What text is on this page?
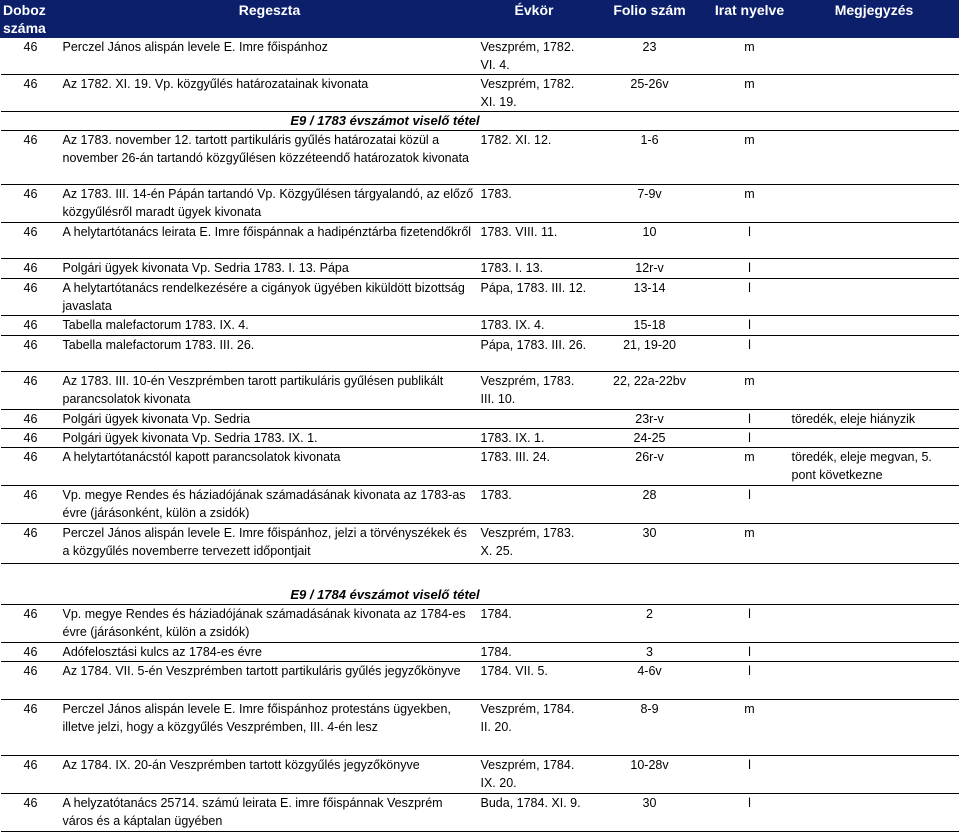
Doboz száma	Regeszta	Évkör	Folio szám	Irat nyelve	Megjegyzés
46	Perczel János alispán levele E. Imre főispánhoz	Veszprém, 1782. VI. 4.	23	m	
46	Az 1782. XI. 19. Vp. közgyűlés határozatainak kivonata	Veszprém, 1782. XI. 19.	25-26v	m	
	E9 / 1783 évszámot viselő tétel				
46	Az 1783. november 12. tartott partikuláris gyűlés határozatai közül a november 26-án tartandó közgyűlésen közzéteendő határozatok kivonata	1782. XI. 12.	1-6	m	
46	Az 1783. III. 14-én Pápán tartandó Vp. Közgyűlésen tárgyalandó, az előző közgyűlésről maradt ügyek kivonata	1783.	7-9v	m	
46	A helytartótanács leirata E. Imre főispánnak a hadipénztárba fizetendőkről	1783. VIII. 11.	10	l	
46	Polgári ügyek kivonata Vp. Sedria 1783. I. 13. Pápa	1783. I. 13.	12r-v	l	
46	A helytartótanács rendelkezésére a cigányok ügyében kiküldött bizottság javaslata	Pápa, 1783. III. 12.	13-14	l	
46	Tabella malefactorum 1783. IX. 4.	1783. IX. 4.	15-18	l	
46	Tabella malefactorum 1783. III. 26.	Pápa, 1783. III. 26.	21, 19-20	l	
46	Az 1783. III. 10-én Veszprémben tarott partikuláris gyűlésen publikált parancsolatok kivonata	Veszprém, 1783. III. 10.	22, 22a-22bv	m	
46	Polgári ügyek kivonata Vp. Sedria		23r-v	l	töredék, eleje hiányzik
46	Polgári ügyek kivonata Vp. Sedria 1783. IX. 1.	1783. IX. 1.	24-25	l	
46	A helytartótanácstól kapott parancsolatok kivonata	1783. III. 24.	26r-v	m	töredék, eleje megvan, 5. pont következne
46	Vp. megye Rendes és háziadójának számadásának kivonata az 1783-as évre (járásonként, külön a zsidók)	1783.	28	l	
46	Perczel János alispán levele E. Imre főispánhoz, jelzi a törvényszékek és a közgyűlés novemberre tervezett időpontjait	Veszprém, 1783. X. 25.	30	m	

	E9 / 1784 évszámot viselő tétel				
46	Vp. megye Rendes és háziadójának számadásának kivonata az 1784-es évre (járásonként, külön a zsidók)	1784.	2	l	
46	Adófelosztási kulcs az 1784-es évre	1784.	3	l	
46	Az 1784. VII. 5-én Veszprémben tartott partikuláris gyűlés jegyzőkönyve	1784. VII. 5.	4-6v	l	
46	Perczel János alispán levele E. Imre főispánhoz protestáns ügyekben, illetve jelzi, hogy a közgyűlés Veszprémben, III. 4-én lesz	Veszprém, 1784. II. 20.	8-9	m	
46	Az 1784. IX. 20-án Veszprémben tartott közgyűlés jegyzőkönyve	Veszprém, 1784. IX. 20.	10-28v	l	
46	A helyzatótanács 25714. számú leirata E. imre főispánnak Veszprém város és a káptalan ügyében	Buda, 1784. XI. 9.	30	l	
